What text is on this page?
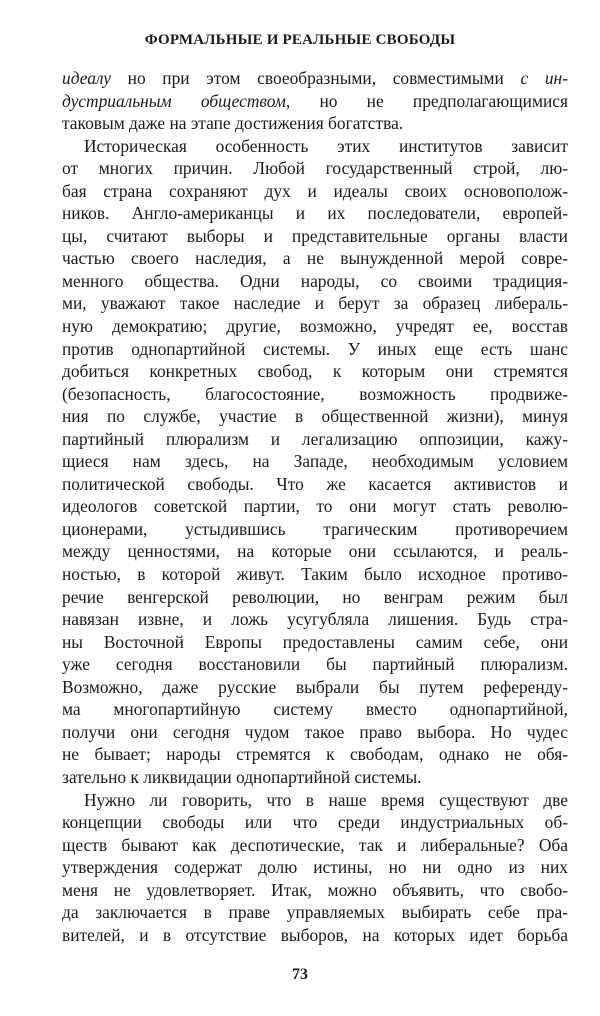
ФОРМАЛЬНЫЕ И РЕАЛЬНЫЕ СВОБОДЫ
идеалу но при этом своеобразными, совместимыми с ин-
дустриальным обществом, но не предполагающимися
таковым даже на этапе достижения богатства.
Историческая особенность этих институтов зависит
от многих причин. Любой государственный строй, лю-
бая страна сохраняют дух и идеалы своих основополож-
ников. Англо-американцы и их последователи, европей-
цы, считают выборы и представительные органы власти
частью своего наследия, а не вынужденной мерой совре-
менного общества. Одни народы, со своими традиция-
ми, уважают такое наследие и берут за образец либераль-
ную демократию; другие, возможно, учредят ее, восстав
против однопартийной системы. У иных еще есть шанс
добиться конкретных свобод, к которым они стремятся
(безопасность, благосостояние, возможность продвиже-
ния по службе, участие в общественной жизни), минуя
партийный плюрализм и легализацию оппозиции, кажу-
щиеся нам здесь, на Западе, необходимым условием
политической свободы. Что же касается активистов и
идеологов советской партии, то они могут стать револю-
ционерами, устыдившись трагическим противоречием
между ценностями, на которые они ссылаются, и реаль-
ностью, в которой живут. Таким было исходное противо-
речие венгерской революции, но венграм режим был
навязан извне, и ложь усугубляла лишения. Будь стра-
ны Восточной Европы предоставлены самим себе, они
уже сегодня восстановили бы партийный плюрализм.
Возможно, даже русские выбрали бы путем референду-
ма многопартийную систему вместо однопартийной,
получи они сегодня чудом такое право выбора. Но чудес
не бывает; народы стремятся к свободам, однако не обя-
зательно к ликвидации однопартийной системы.
Нужно ли говорить, что в наше время существуют две
концепции свободы или что среди индустриальных об-
ществ бывают как деспотические, так и либеральные? Оба
утверждения содержат долю истины, но ни одно из них
меня не удовлетворяет. Итак, можно объявить, что свобо-
да заключается в праве управляемых выбирать себе пра-
вителей, и в отсутствие выборов, на которых идет борьба
73
